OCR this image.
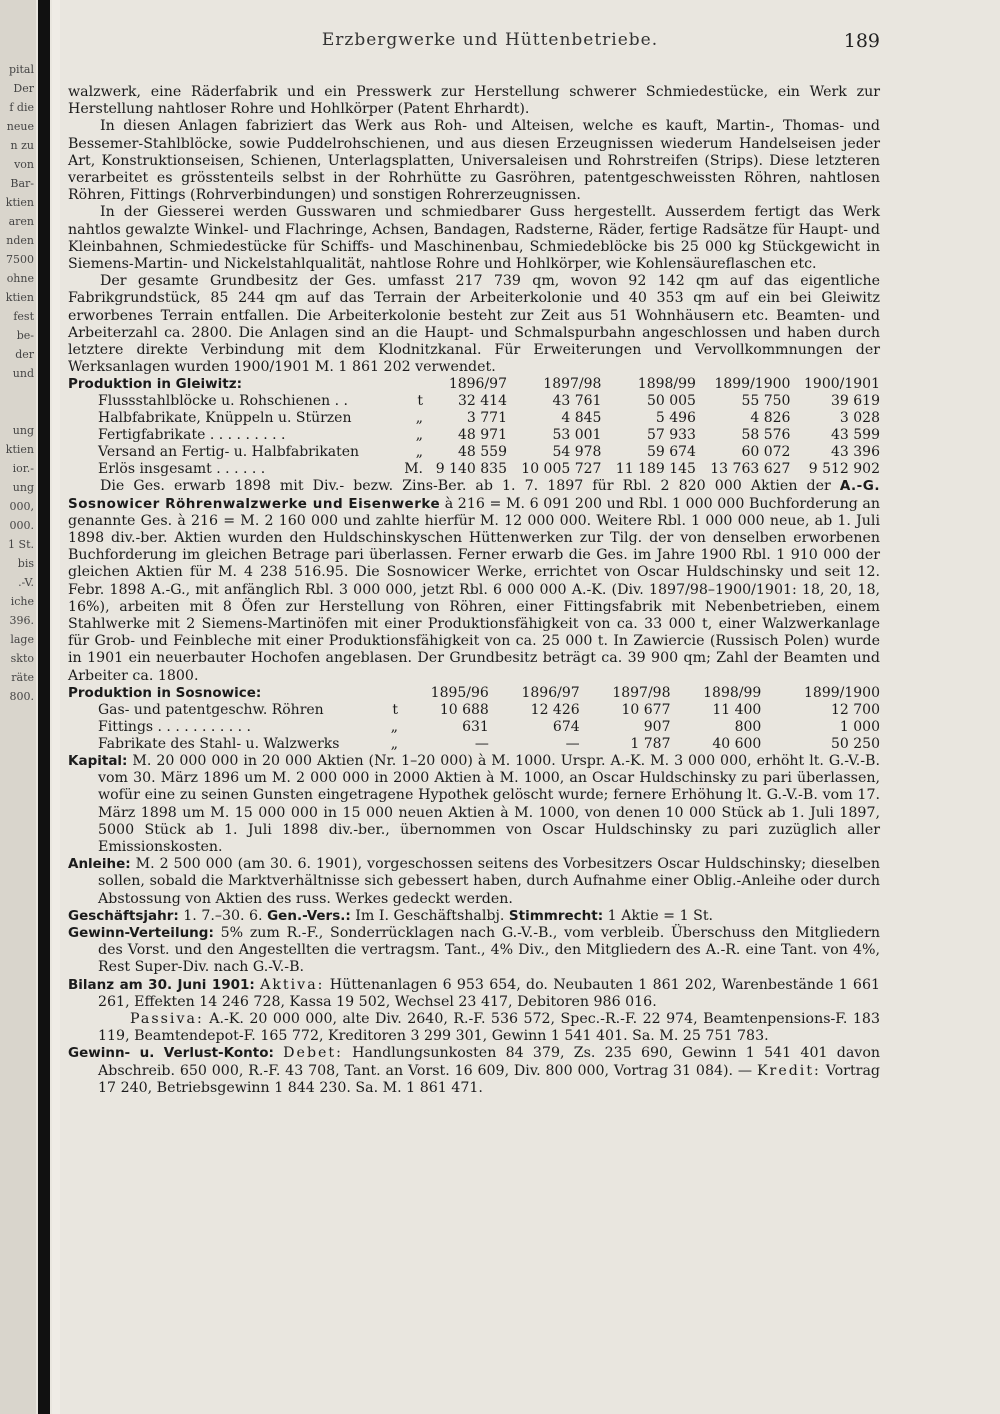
pital
Der
f die
neue
n zu
von
Bar-
ktien
aren
nden
7500
ohne
ktien
fest
be-
der
und

ung
ktien
ior.-
ung
000,
000.
1 St.
bis
.-V.
iche
396.
lage
skto
räte
800.
Erzbergwerke und Hüttenbetriebe.	189

walzwerk, eine Räderfabrik und ein Presswerk zur Herstellung schwerer Schmiedestücke, ein Werk zur Herstellung nahtloser Rohre und Hohlkörper (Patent Ehrhardt).

In diesen Anlagen fabriziert das Werk aus Roh- und Alteisen, welche es kauft, Martin-, Thomas- und Bessemer-Stahlblöcke, sowie Puddelrohschienen, und aus diesen Erzeugnissen wiederum Handelseisen jeder Art, Konstruktionseisen, Schienen, Unterlagsplatten, Universaleisen und Rohrstreifen (Strips). Diese letzteren verarbeitet es grösstenteils selbst in der Rohrhütte zu Gasröhren, patentgeschweissten Röhren, nahtlosen Röhren, Fittings (Rohrverbindungen) und sonstigen Rohrerzeugnissen.

In der Giesserei werden Gusswaren und schmiedbarer Guss hergestellt. Ausserdem fertigt das Werk nahtlos gewalzte Winkel- und Flachringe, Achsen, Bandagen, Radsterne, Räder, fertige Radsätze für Haupt- und Kleinbahnen, Schmiedestücke für Schiffs- und Maschinenbau, Schmiedeblöcke bis 25 000 kg Stückgewicht in Siemens-Martin- und Nickelstahlqualität, nahtlose Rohre und Hohlkörper, wie Kohlensäureflaschen etc.

Der gesamte Grundbesitz der Ges. umfasst 217 739 qm, wovon 92 142 qm auf das eigentliche Fabrikgrundstück, 85 244 qm auf das Terrain der Arbeiterkolonie und 40 353 qm auf ein bei Gleiwitz erworbenes Terrain entfallen. Die Arbeiterkolonie besteht zur Zeit aus 51 Wohnhäusern etc. Beamten- und Arbeiterzahl ca. 2800. Die Anlagen sind an die Haupt- und Schmalspurbahn angeschlossen und haben durch letztere direkte Verbindung mit dem Klodnitzkanal. Für Erweiterungen und Vervollkommnungen der Werksanlagen wurden 1900/1901 M. 1 861 202 verwendet.

Produktion in Gleiwitz:		1896/97	1897/98	1898/99	1899/1900	1900/1901
Flussstahlblöcke u. Rohschienen . .	t	32 414	43 761	50 005	55 750	39 619
Halbfabrikate, Knüppeln u. Stürzen	„	3 771	4 845	5 496	4 826	3 028
Fertigfabrikate . . . . . . . . .	„	48 971	53 001	57 933	58 576	43 599
Versand an Fertig- u. Halbfabrikaten	„	48 559	54 978	59 674	60 072	43 396
Erlös insgesamt . . . . . .	M.	9 140 835	10 005 727	11 189 145	13 763 627	9 512 902

Die Ges. erwarb 1898 mit Div.- bezw. Zins-Ber. ab 1. 7. 1897 für Rbl. 2 820 000 Aktien der A.-G. Sosnowicer Röhrenwalzwerke und Eisenwerke à 216 = M. 6 091 200 und Rbl. 1 000 000 Buchforderung an genannte Ges. à 216 = M. 2 160 000 und zahlte hierfür M. 12 000 000. Weitere Rbl. 1 000 000 neue, ab 1. Juli 1898 div.-ber. Aktien wurden den Huldschinskyschen Hüttenwerken zur Tilg. der von denselben erworbenen Buchforderung im gleichen Betrage pari überlassen. Ferner erwarb die Ges. im Jahre 1900 Rbl. 1 910 000 der gleichen Aktien für M. 4 238 516.95. Die Sosnowicer Werke, errichtet von Oscar Huldschinsky und seit 12. Febr. 1898 A.-G., mit anfänglich Rbl. 3 000 000, jetzt Rbl. 6 000 000 A.-K. (Div. 1897/98–1900/1901: 18, 20, 18, 16%), arbeiten mit 8 Öfen zur Herstellung von Röhren, einer Fittingsfabrik mit Nebenbetrieben, einem Stahlwerke mit 2 Siemens-Martinöfen mit einer Produktionsfähigkeit von ca. 33 000 t, einer Walzwerkanlage für Grob- und Feinbleche mit einer Produktionsfähigkeit von ca. 25 000 t. In Zawiercie (Russisch Polen) wurde in 1901 ein neuerbauter Hochofen angeblasen. Der Grundbesitz beträgt ca. 39 900 qm; Zahl der Beamten und Arbeiter ca. 1800.

Produktion in Sosnowice:		1895/96	1896/97	1897/98	1898/99	1899/1900
Gas- und patentgeschw. Röhren	t	10 688	12 426	10 677	11 400	12 700
Fittings . . . . . . . . . . .	„	631	674	907	800	1 000
Fabrikate des Stahl- u. Walzwerks	„	—	—	1 787	40 600	50 250

Kapital: M. 20 000 000 in 20 000 Aktien (Nr. 1–20 000) à M. 1000. Urspr. A.-K. M. 3 000 000, erhöht lt. G.-V.-B. vom 30. März 1896 um M. 2 000 000 in 2000 Aktien à M. 1000, an Oscar Huldschinsky zu pari überlassen, wofür eine zu seinen Gunsten eingetragene Hypothek gelöscht wurde; fernere Erhöhung lt. G.-V.-B. vom 17. März 1898 um M. 15 000 000 in 15 000 neuen Aktien à M. 1000, von denen 10 000 Stück ab 1. Juli 1897, 5000 Stück ab 1. Juli 1898 div.-ber., übernommen von Oscar Huldschinsky zu pari zuzüglich aller Emissionskosten.

Anleihe: M. 2 500 000 (am 30. 6. 1901), vorgeschossen seitens des Vorbesitzers Oscar Huldschinsky; dieselben sollen, sobald die Marktverhältnisse sich gebessert haben, durch Aufnahme einer Oblig.-Anleihe oder durch Abstossung von Aktien des russ. Werkes gedeckt werden.

Geschäftsjahr: 1. 7.–30. 6. Gen.-Vers.: Im I. Geschäftshalbj. Stimmrecht: 1 Aktie = 1 St.

Gewinn-Verteilung: 5% zum R.-F., Sonderrücklagen nach G.-V.-B., vom verbleib. Überschuss den Mitgliedern des Vorst. und den Angestellten die vertragsm. Tant., 4% Div., den Mitgliedern des A.-R. eine Tant. von 4%, Rest Super-Div. nach G.-V.-B.

Bilanz am 30. Juni 1901: Aktiva: Hüttenanlagen 6 953 654, do. Neubauten 1 861 202, Warenbestände 1 661 261, Effekten 14 246 728, Kassa 19 502, Wechsel 23 417, Debitoren 986 016.
Passiva: A.-K. 20 000 000, alte Div. 2640, R.-F. 536 572, Spec.-R.-F. 22 974, Beamtenpensions-F. 183 119, Beamtendepot-F. 165 772, Kreditoren 3 299 301, Gewinn 1 541 401. Sa. M. 25 751 783.

Gewinn- u. Verlust-Konto: Debet: Handlungsunkosten 84 379, Zs. 235 690, Gewinn 1 541 401 davon Abschreib. 650 000, R.-F. 43 708, Tant. an Vorst. 16 609, Div. 800 000, Vortrag 31 084). — Kredit: Vortrag 17 240, Betriebsgewinn 1 844 230. Sa. M. 1 861 471.
